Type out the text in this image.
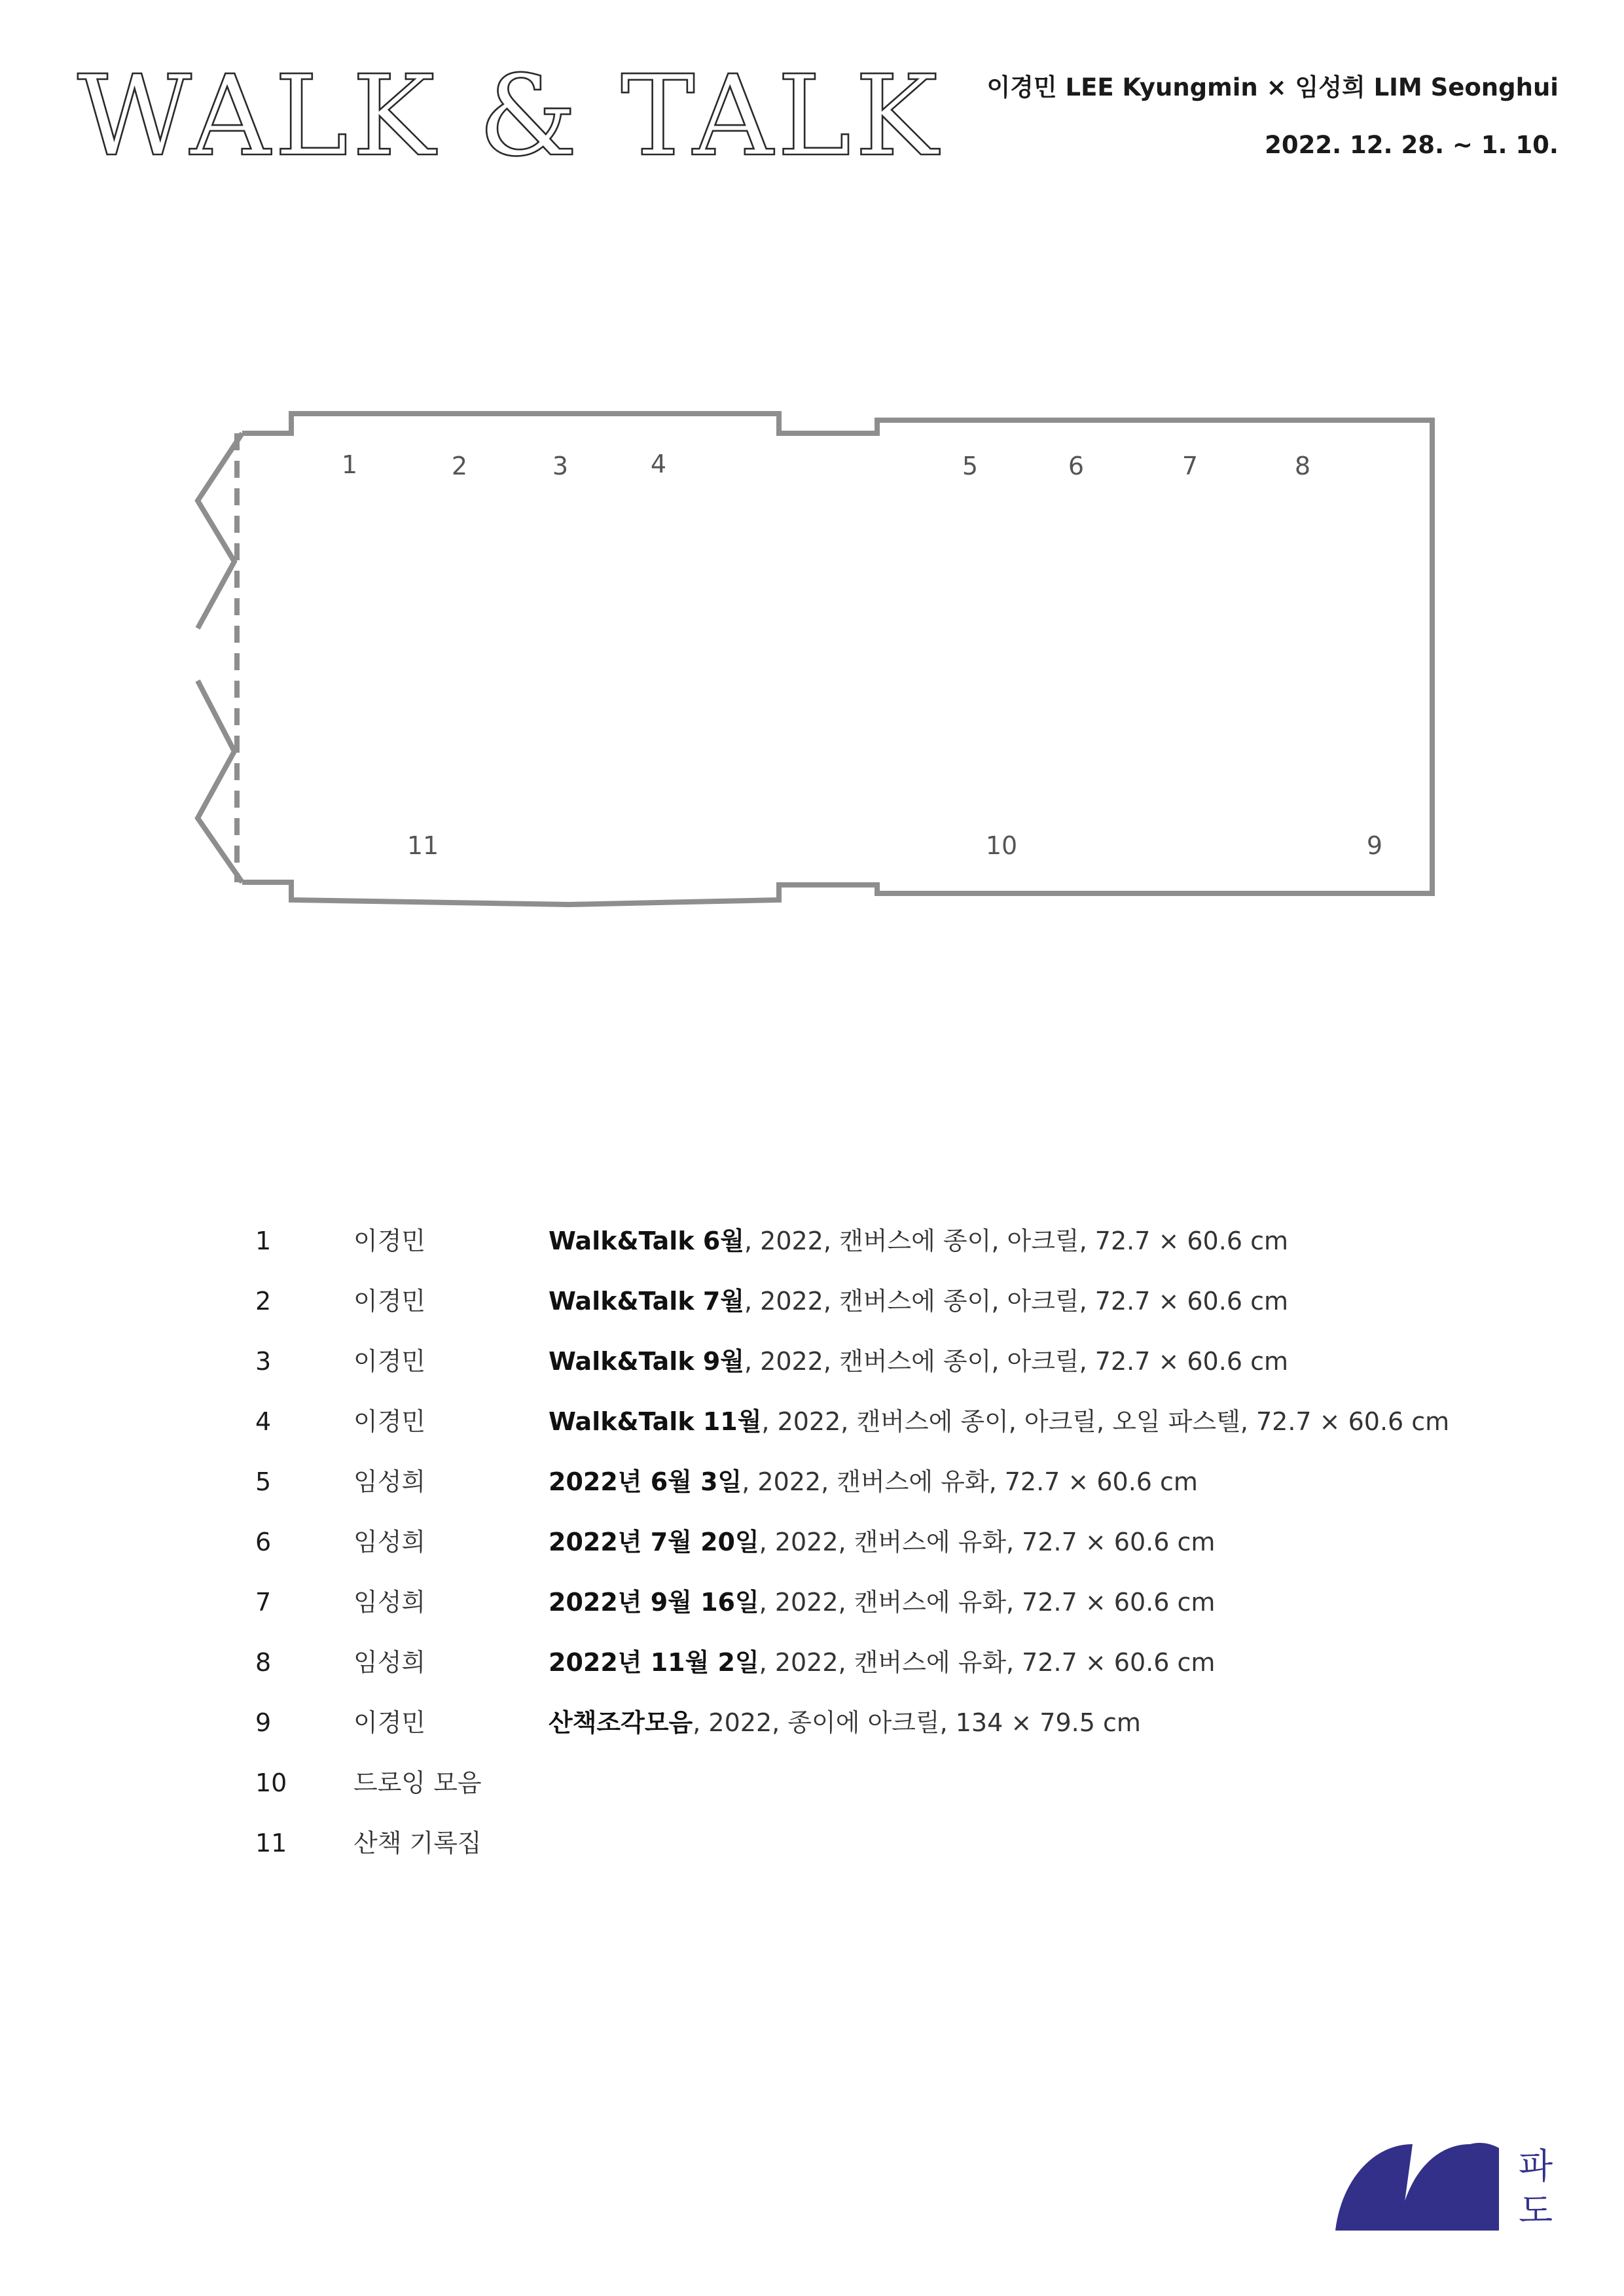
WALK & TALK 이경민 LEE Kyungmin × 임성희 LIM Seonghui
2022. 12. 28. ~ 1. 10.
1	2	3	4	5	6	7	8
9
10
11
1	이경민	Walk&Talk 6월, 2022, 캔버스에 종이, 아크릴, 72.7 × 60.6 cm
2	이경민	Walk&Talk 7월, 2022, 캔버스에 종이, 아크릴, 72.7 × 60.6 cm
3	이경민	Walk&Talk 9월, 2022, 캔버스에 종이, 아크릴, 72.7 × 60.6 cm
4	이경민	Walk&Talk 11월, 2022, 캔버스에 종이, 아크릴, 오일 파스텔, 72.7 × 60.6 cm
5	임성희	2022년 6월 3일, 2022, 캔버스에 유화, 72.7 × 60.6 cm
6	임성희	2022년 7월 20일, 2022, 캔버스에 유화, 72.7 × 60.6 cm
7	임성희	2022년 9월 16일, 2022, 캔버스에 유화, 72.7 × 60.6 cm
8	임성희	2022년 11월 2일, 2022, 캔버스에 유화, 72.7 × 60.6 cm
9	이경민	산책조각모음, 2022, 종이에 아크릴, 134 × 79.5 cm
10	드로잉 모음
11	산책 기록집
파
도
